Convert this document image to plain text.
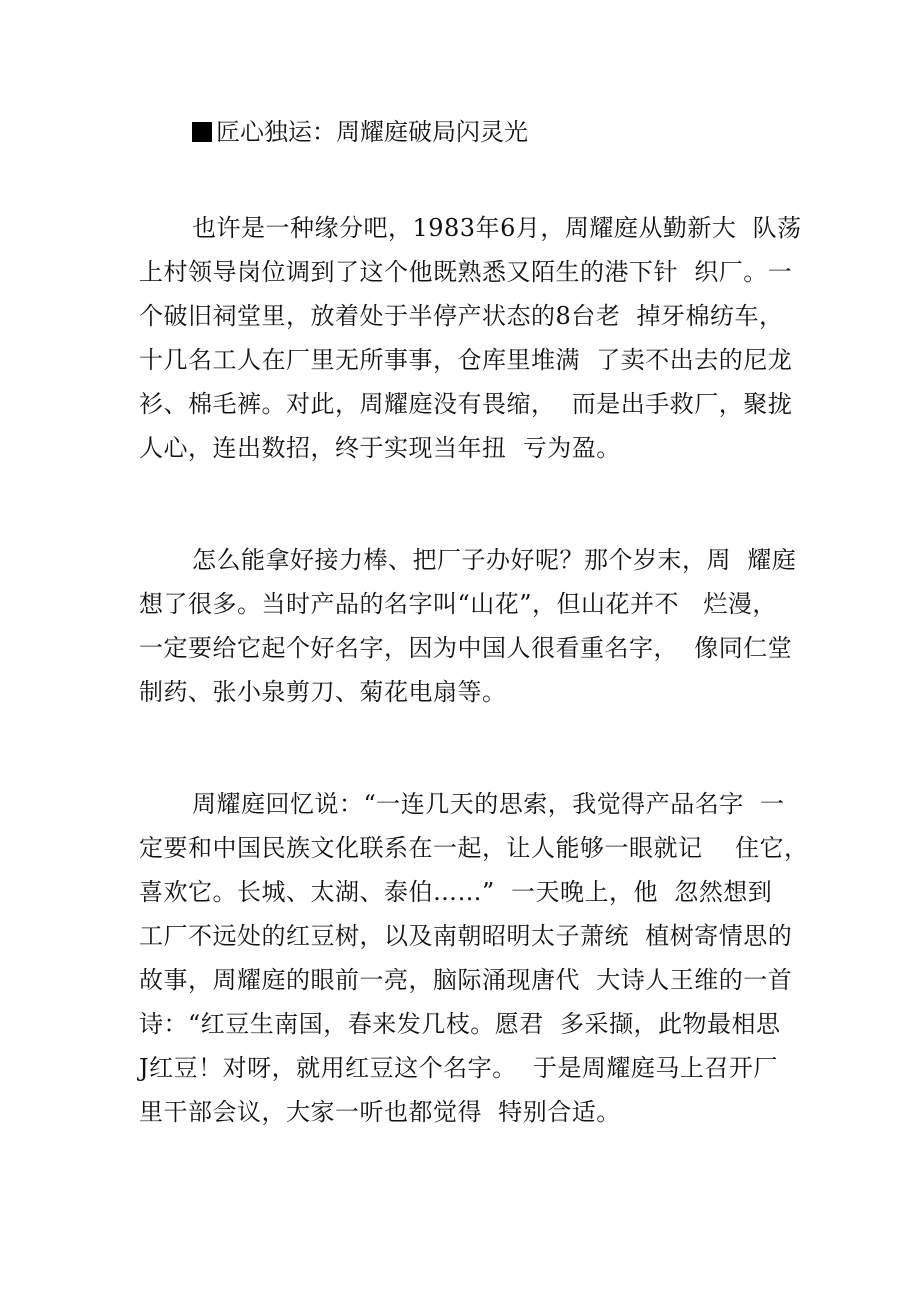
匠心独运：周耀庭破局闪灵光
也许是一种缘分吧，1983年6月，周耀庭从勤新大  队荡
上村领导岗位调到了这个他既熟悉又陌生的港下针  织厂。一
个破旧祠堂里，放着处于半停产状态的8台老  掉牙棉纺车，
十几名工人在厂里无所事事，仓库里堆满  了卖不出去的尼龙
衫、棉毛裤。对此，周耀庭没有畏缩，  而是出手救厂，聚拢
人心，连出数招，终于实现当年扭  亏为盈。
怎么能拿好接力棒、把厂子办好呢？那个岁末，周  耀庭
想了很多。当时产品的名字叫“山花”，但山花并不   烂漫，
一定要给它起个好名字，因为中国人很看重名字，  像同仁堂
制药、张小泉剪刀、菊花电扇等。
周耀庭回忆说：“一连几天的思索，我觉得产品名字  一
定要和中国民族文化联系在一起，让人能够一眼就记    住它，
喜欢它。长城、太湖、泰伯……”  一天晚上，他  忽然想到
工厂不远处的红豆树，以及南朝昭明太子萧统  植树寄情思的
故事，周耀庭的眼前一亮，脑际涌现唐代  大诗人王维的一首
诗：“红豆生南国，春来发几枝。愿君  多采撷，此物最相思
J红豆！对呀，就用红豆这个名字。  于是周耀庭马上召开厂
里干部会议，大家一听也都觉得  特别合适。
